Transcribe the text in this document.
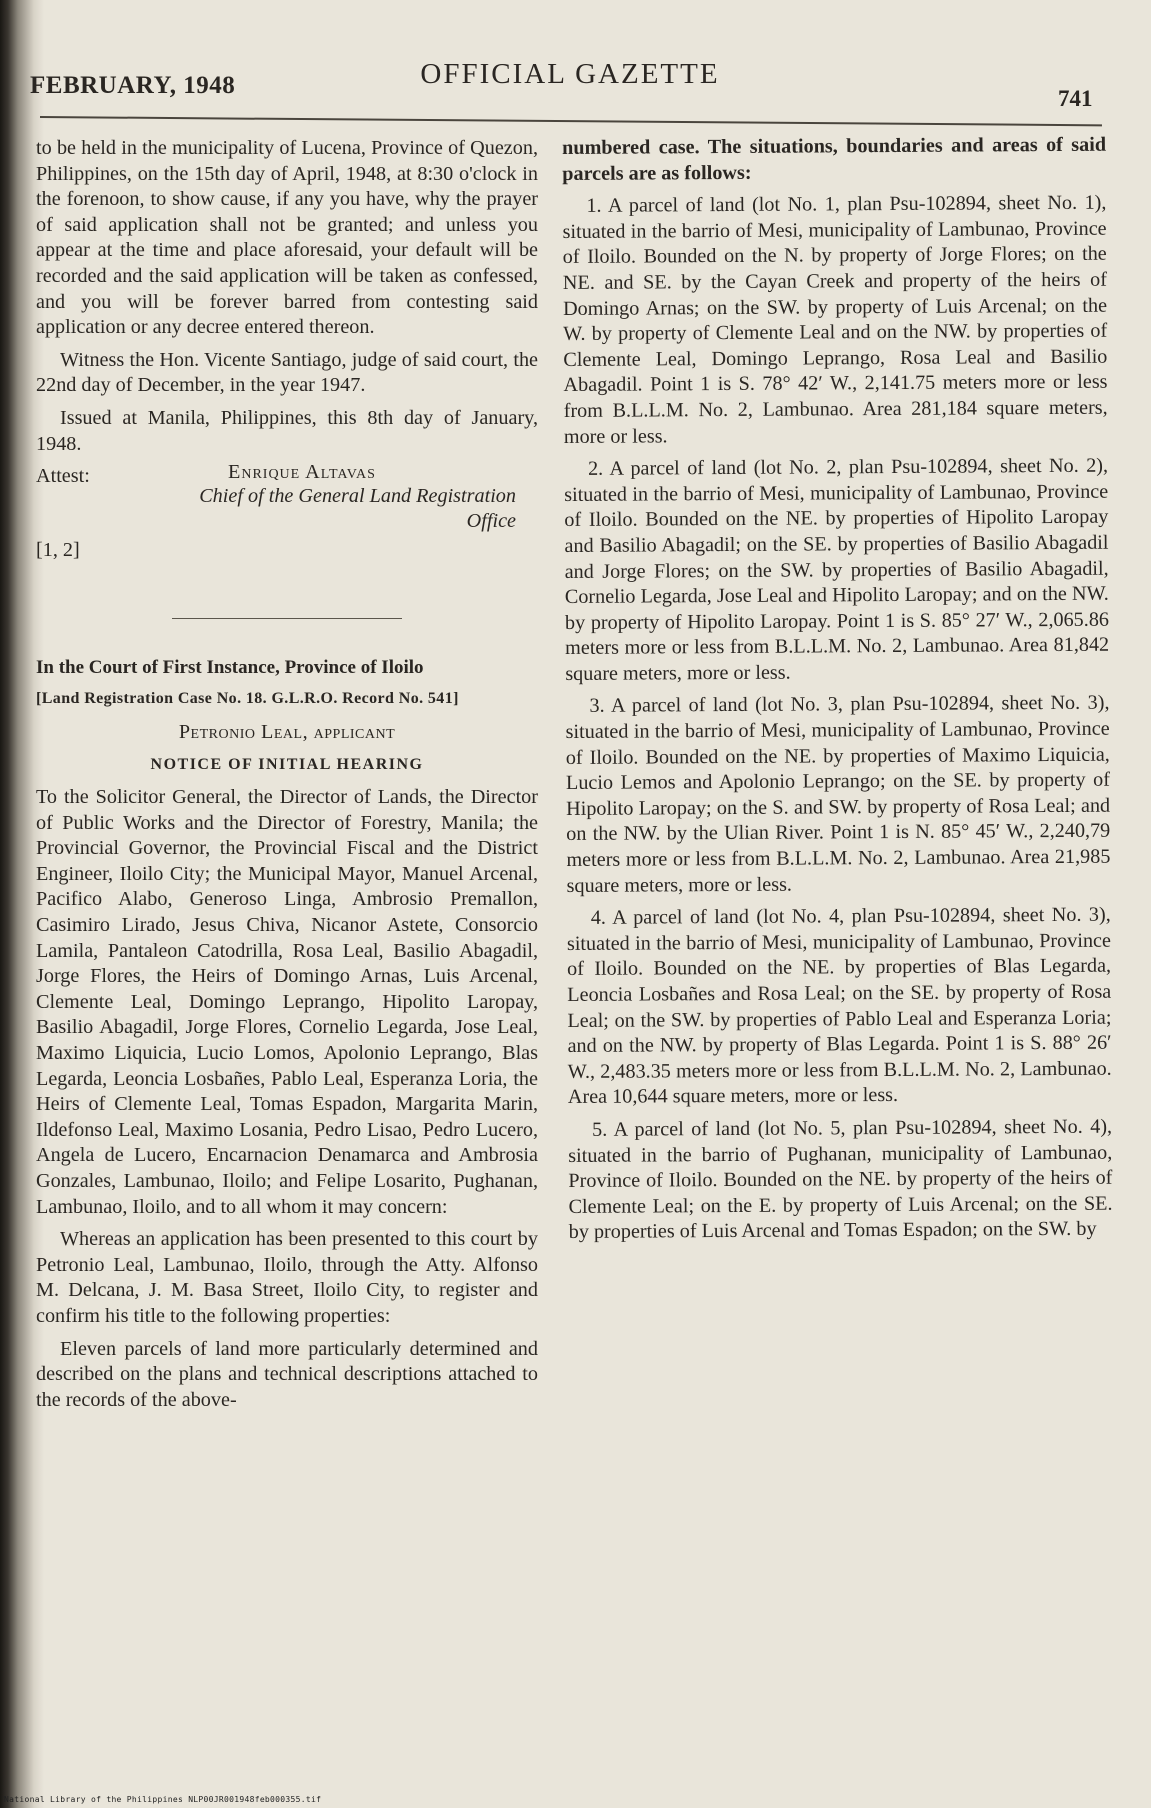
FEBRUARY, 1948	OFFICIAL GAZETTE
741

to be held in the municipality of Lucena, Province of Quezon, Philippines, on the 15th day of April, 1948, at 8:30 o'clock in the forenoon, to show cause, if any you have, why the prayer of said application shall not be granted; and unless you appear at the time and place aforesaid, your default will be recorded and the said application will be taken as confessed, and you will be forever barred from contesting said application or any decree entered thereon.

Witness the Hon. Vicente Santiago, judge of said court, the 22nd day of December, in the year 1947.

Issued at Manila, Philippines, this 8th day of January, 1948.

Attest:	Enrique Altavas
Chief of the General Land Registration Office
[1, 2]
In the Court of First Instance, Province of Iloilo
[Land Registration Case No. 18. G.L.R.O. Record No. 541]
Petronio Leal, applicant
NOTICE OF INITIAL HEARING

To the Solicitor General, the Director of Lands, the Director of Public Works and the Director of Forestry, Manila; the Provincial Governor, the Provincial Fiscal and the District Engineer, Iloilo City; the Municipal Mayor, Manuel Arcenal, Pacifico Alabo, Generoso Linga, Ambrosio Premallon, Casimiro Lirado, Jesus Chiva, Nicanor Astete, Consorcio Lamila, Pantaleon Catodrilla, Rosa Leal, Basilio Abagadil, Jorge Flores, the Heirs of Domingo Arnas, Luis Arcenal, Clemente Leal, Domingo Leprango, Hipolito Laropay, Basilio Abagadil, Jorge Flores, Cornelio Legarda, Jose Leal, Maximo Liquicia, Lucio Lomos, Apolonio Leprango, Blas Legarda, Leoncia Losbañes, Pablo Leal, Esperanza Loria, the Heirs of Clemente Leal, Tomas Espadon, Margarita Marin, Ildefonso Leal, Maximo Losania, Pedro Lisao, Pedro Lucero, Angela de Lucero, Encarnacion Denamarca and Ambrosia Gonzales, Lambunao, Iloilo; and Felipe Losarito, Pughanan, Lambunao, Iloilo, and to all whom it may concern:

Whereas an application has been presented to this court by Petronio Leal, Lambunao, Iloilo, through the Atty. Alfonso M. Delcana, J. M. Basa Street, Iloilo City, to register and confirm his title to the following properties:

Eleven parcels of land more particularly determined and described on the plans and technical descriptions attached to the records of the above-

numbered case. The situations, boundaries and areas of said parcels are as follows:

1. A parcel of land (lot No. 1, plan Psu-102894, sheet No. 1), situated in the barrio of Mesi, municipality of Lambunao, Province of Iloilo. Bounded on the N. by property of Jorge Flores; on the NE. and SE. by the Cayan Creek and property of the heirs of Domingo Arnas; on the SW. by property of Luis Arcenal; on the W. by property of Clemente Leal and on the NW. by properties of Clemente Leal, Domingo Leprango, Rosa Leal and Basilio Abagadil. Point 1 is S. 78° 42′ W., 2,141.75 meters more or less from B.L.L.M. No. 2, Lambunao. Area 281,184 square meters, more or less.

2. A parcel of land (lot No. 2, plan Psu-102894, sheet No. 2), situated in the barrio of Mesi, municipality of Lambunao, Province of Iloilo. Bounded on the NE. by properties of Hipolito Laropay and Basilio Abagadil; on the SE. by properties of Basilio Abagadil and Jorge Flores; on the SW. by properties of Basilio Abagadil, Cornelio Legarda, Jose Leal and Hipolito Laropay; and on the NW. by property of Hipolito Laropay. Point 1 is S. 85° 27′ W., 2,065.86 meters more or less from B.L.L.M. No. 2, Lambunao. Area 81,842 square meters, more or less.

3. A parcel of land (lot No. 3, plan Psu-102894, sheet No. 3), situated in the barrio of Mesi, municipality of Lambunao, Province of Iloilo. Bounded on the NE. by properties of Maximo Liquicia, Lucio Lemos and Apolonio Leprango; on the SE. by property of Hipolito Laropay; on the S. and SW. by property of Rosa Leal; and on the NW. by the Ulian River. Point 1 is N. 85° 45′ W., 2,240,79 meters more or less from B.L.L.M. No. 2, Lambunao. Area 21,985 square meters, more or less.

4. A parcel of land (lot No. 4, plan Psu-102894, sheet No. 3), situated in the barrio of Mesi, municipality of Lambunao, Province of Iloilo. Bounded on the NE. by properties of Blas Legarda, Leoncia Losbañes and Rosa Leal; on the SE. by property of Rosa Leal; on the SW. by properties of Pablo Leal and Esperanza Loria; and on the NW. by property of Blas Legarda. Point 1 is S. 88° 26′ W., 2,483.35 meters more or less from B.L.L.M. No. 2, Lambunao. Area 10,644 square meters, more or less.

5. A parcel of land (lot No. 5, plan Psu-102894, sheet No. 4), situated in the barrio of Pughanan, municipality of Lambunao, Province of Iloilo. Bounded on the NE. by property of the heirs of Clemente Leal; on the E. by property of Luis Arcenal; on the SE. by properties of Luis Arcenal and Tomas Espadon; on the SW. by

National Library of the Philippines NLP00JR001948feb000355.tif
